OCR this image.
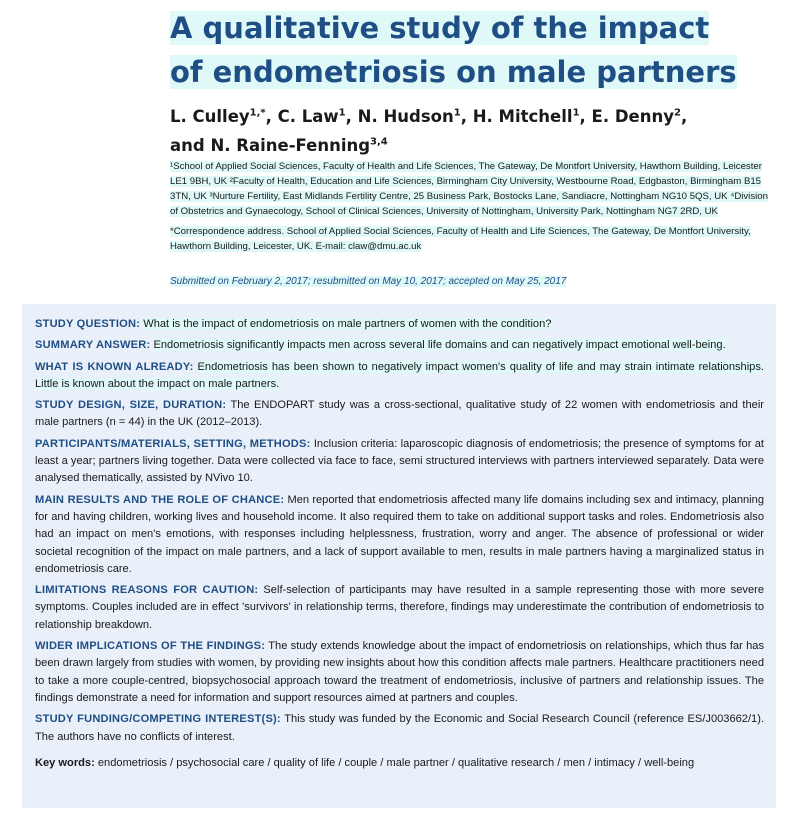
A qualitative study of the impact
of endometriosis on male partners
L. Culley$^{1,*}$, C. Law$^1$, N. Hudson$^1$, H. Mitchell$^1$, E. Denny$^2$,
and N. Raine-Fenning$^{3,4}$
¹School of Applied Social Sciences, Faculty of Health and Life Sciences, The Gateway, De Montfort University, Hawthorn Building, Leicester LE1 9BH, UK ²Faculty of Health, Education and Life Sciences, Birmingham City University, Westbourne Road, Edgbaston, Birmingham B15 3TN, UK ³Nurture Fertility, East Midlands Fertility Centre, 25 Business Park, Bostocks Lane, Sandiacre, Nottingham NG10 5QS, UK ⁴Division of Obstetrics and Gynaecology, School of Clinical Sciences, University of Nottingham, University Park, Nottingham NG7 2RD, UK
*Correspondence address. School of Applied Social Sciences, Faculty of Health and Life Sciences, The Gateway, De Montfort University, Hawthorn Building, Leicester, UK. E-mail: claw@dmu.ac.uk
Submitted on February 2, 2017; resubmitted on May 10, 2017; accepted on May 25, 2017

STUDY QUESTION: What is the impact of endometriosis on male partners of women with the condition?

SUMMARY ANSWER: Endometriosis significantly impacts men across several life domains and can negatively impact emotional well-being.

WHAT IS KNOWN ALREADY: Endometriosis has been shown to negatively impact women's quality of life and may strain intimate relationships. Little is known about the impact on male partners.

STUDY DESIGN, SIZE, DURATION: The ENDOPART study was a cross-sectional, qualitative study of 22 women with endometriosis and their male partners (n = 44) in the UK (2012–2013).

PARTICIPANTS/MATERIALS, SETTING, METHODS: Inclusion criteria: laparoscopic diagnosis of endometriosis; the presence of symptoms for at least a year; partners living together. Data were collected via face to face, semi structured interviews with partners interviewed separately. Data were analysed thematically, assisted by NVivo 10.

MAIN RESULTS AND THE ROLE OF CHANCE: Men reported that endometriosis affected many life domains including sex and intimacy, planning for and having children, working lives and household income. It also required them to take on additional support tasks and roles. Endometriosis also had an impact on men's emotions, with responses including helplessness, frustration, worry and anger. The absence of professional or wider societal recognition of the impact on male partners, and a lack of support available to men, results in male partners having a marginalized status in endometriosis care.

LIMITATIONS REASONS FOR CAUTION: Self-selection of participants may have resulted in a sample representing those with more severe symptoms. Couples included are in effect 'survivors' in relationship terms, therefore, findings may underestimate the contribution of endometriosis to relationship breakdown.

WIDER IMPLICATIONS OF THE FINDINGS: The study extends knowledge about the impact of endometriosis on relationships, which thus far has been drawn largely from studies with women, by providing new insights about how this condition affects male partners. Healthcare practitioners need to take a more couple-centred, biopsychosocial approach toward the treatment of endometriosis, inclusive of partners and relationship issues. The findings demonstrate a need for information and support resources aimed at partners and couples.

STUDY FUNDING/COMPETING INTEREST(S): This study was funded by the Economic and Social Research Council (reference ES/J003662/1). The authors have no conflicts of interest.

Key words: endometriosis / psychosocial care / quality of life / couple / male partner / qualitative research / men / intimacy / well-being
